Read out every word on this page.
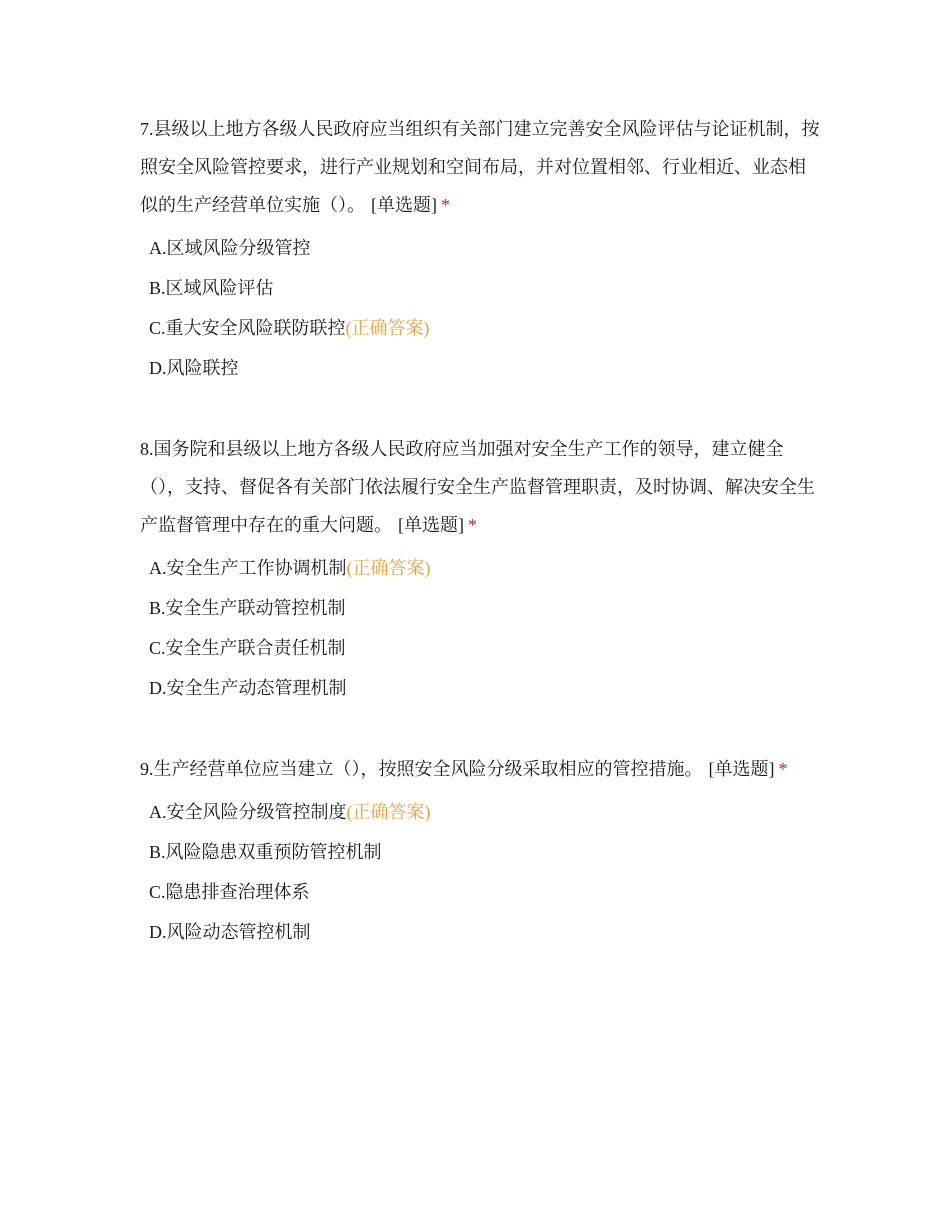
7.县级以上地方各级人民政府应当组织有关部门建立完善安全风险评估与论证机制，按照安全风险管控要求，进行产业规划和空间布局，并对位置相邻、行业相近、业态相似的生产经营单位实施（）。 [单选题] *

A.区域风险分级管控
B.区域风险评估
C.重大安全风险联防联控(正确答案)
D.风险联控

8.国务院和县级以上地方各级人民政府应当加强对安全生产工作的领导，建立健全（），支持、督促各有关部门依法履行安全生产监督管理职责，及时协调、解决安全生产监督管理中存在的重大问题。 [单选题] *

A.安全生产工作协调机制(正确答案)
B.安全生产联动管控机制
C.安全生产联合责任机制
D.安全生产动态管理机制

9.生产经营单位应当建立（），按照安全风险分级采取相应的管控措施。 [单选题] *

A.安全风险分级管控制度(正确答案)
B.风险隐患双重预防管控机制
C.隐患排查治理体系
D.风险动态管控机制
